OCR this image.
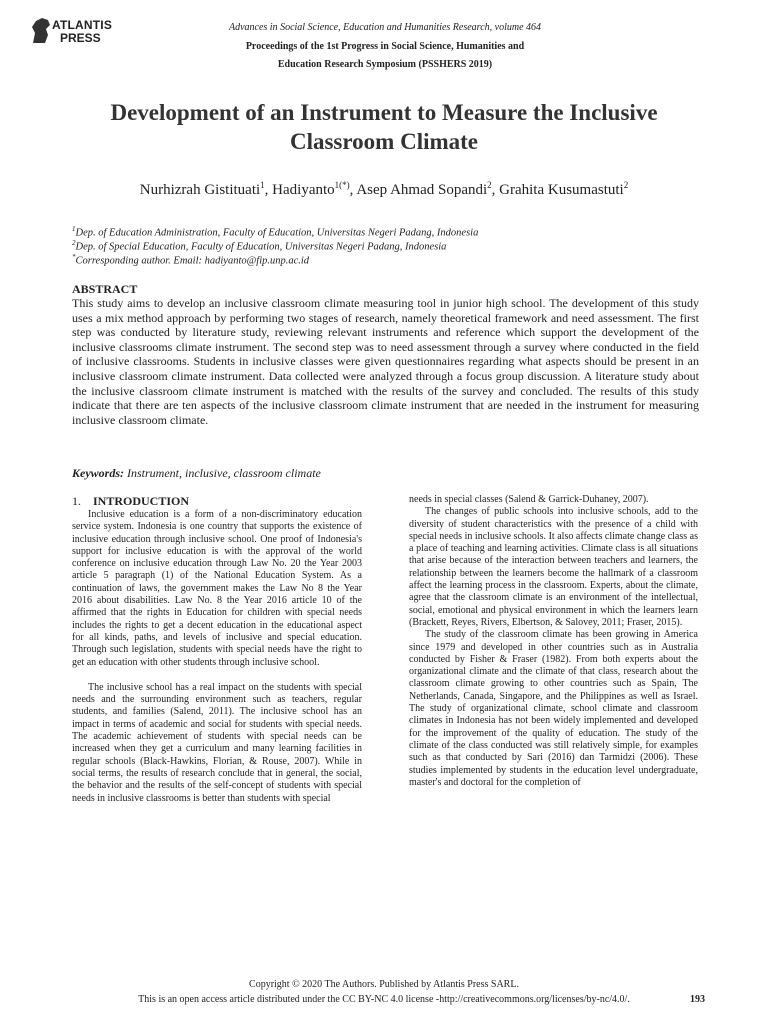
ATLANTIS
PRESS
Advances in Social Science, Education and Humanities Research, volume 464
Proceedings of the 1st Progress in Social Science, Humanities and
Education Research Symposium (PSSHERS 2019)
Development of an Instrument to Measure the Inclusive
Classroom Climate
Nurhizrah Gistituati$^1$, Hadiyanto$^{1(*)}$, Asep Ahmad Sopandi$^2$, Grahita Kusumastuti$^2$
$^1$Dep. of Education Administration, Faculty of Education, Universitas Negeri Padang, Indonesia
$^2$Dep. of Special Education, Faculty of Education, Universitas Negeri Padang, Indonesia
*Corresponding author. Email: hadiyanto@fip.unp.ac.id
ABSTRACT
This study aims to develop an inclusive classroom climate measuring tool in junior high school. The development of this study uses a mix method approach by performing two stages of research, namely theoretical framework and need assessment. The first step was conducted by literature study, reviewing relevant instruments and reference which support the development of the inclusive classrooms climate instrument. The second step was to need assessment through a survey where conducted in the field of inclusive classrooms. Students in inclusive classes were given questionnaires regarding what aspects should be present in an inclusive classroom climate instrument. Data collected were analyzed through a focus group discussion. A literature study about the inclusive classroom climate instrument is matched with the results of the survey and concluded. The results of this study indicate that there are ten aspects of the inclusive classroom climate instrument that are needed in the instrument for measuring inclusive classroom climate.
Keywords: Instrument, inclusive, classroom climate
1. INTRODUCTION

Inclusive education is a form of a non-discriminatory education service system. Indonesia is one country that supports the existence of inclusive education through inclusive school. One proof of Indonesia's support for inclusive education is with the approval of the world conference on inclusive education through Law No. 20 the Year 2003 article 5 paragraph (1) of the National Education System. As a continuation of laws, the government makes the Law No 8 the Year 2016 about disabilities. Law No. 8 the Year 2016 article 10 of the affirmed that the rights in Education for children with special needs includes the rights to get a decent education in the educational aspect for all kinds, paths, and levels of inclusive and special education. Through such legislation, students with special needs have the right to get an education with other students through inclusive school.

The inclusive school has a real impact on the students with special needs and the surrounding environment such as teachers, regular students, and families (Salend, 2011). The inclusive school has an impact in terms of academic and social for students with special needs. The academic achievement of students with special needs can be increased when they get a curriculum and many learning facilities in regular schools (Black-Hawkins, Florian, & Rouse, 2007). While in social terms, the results of research conclude that in general, the social, the behavior and the results of the self-concept of students with special needs in inclusive classrooms is better than students with special

needs in special classes (Salend & Garrick-Duhaney, 2007).

The changes of public schools into inclusive schools, add to the diversity of student characteristics with the presence of a child with special needs in inclusive schools. It also affects climate change class as a place of teaching and learning activities. Climate class is all situations that arise because of the interaction between teachers and learners, the relationship between the learners become the hallmark of a classroom affect the learning process in the classroom. Experts, about the climate, agree that the classroom climate is an environment of the intellectual, social, emotional and physical environment in which the learners learn (Brackett, Reyes, Rivers, Elbertson, & Salovey, 2011; Fraser, 2015).

The study of the classroom climate has been growing in America since 1979 and developed in other countries such as in Australia conducted by Fisher & Fraser (1982). From both experts about the organizational climate and the climate of that class, research about the classroom climate growing to other countries such as Spain, The Netherlands, Canada, Singapore, and the Philippines as well as Israel. The study of organizational climate, school climate and classroom climates in Indonesia has not been widely implemented and developed for the improvement of the quality of education. The study of the climate of the class conducted was still relatively simple, for examples such as that conducted by Sari (2016) dan Tarmidzi (2006). These studies implemented by students in the education level undergraduate, master's and doctoral for the completion of

Copyright © 2020 The Authors. Published by Atlantis Press SARL.
This is an open access article distributed under the CC BY-NC 4.0 license -http://creativecommons.org/licenses/by-nc/4.0/.	193
